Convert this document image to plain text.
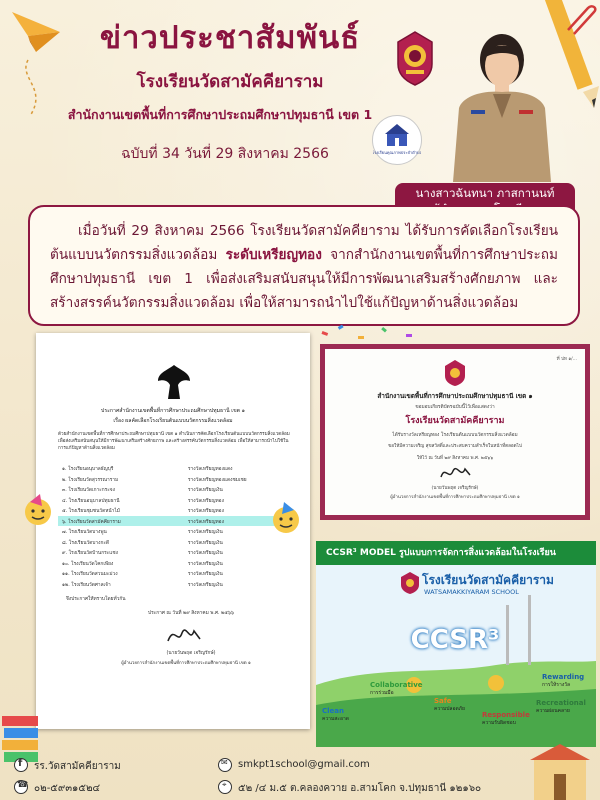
ข่าวประชาสัมพันธ์
โรงเรียนวัดสามัคคียาราม
สำนักงานเขตพื้นที่การศึกษาประถมศึกษาปทุมธานี เขต 1
ฉบับที่ 34 วันที่ 29 สิงหาคม 2566	โรงเรียนคุณภาพประจำตำบล
นางสาวฉันทนา ภาสกานนท์
เมื่อวันที่ 29 สิงหาคม 2566 โรงเรียนวัดสามัคคียาราม ได้รับการคัดเลือกโรงเรียนต้นแบบนวัตกรรมสิ่งแวดล้อม ระดับเหรียญทอง จากสำนักงานเขตพื้นที่การศึกษาประถมศึกษาปทุมธานี เขต 1 เพื่อส่งเสริมสนับสนุนให้มีการพัฒนาเสริมสร้างศักยภาพ และสร้างสรรค์นวัตกรรมสิ่งแวดล้อม เพื่อให้สามารถนำไปใช้แก้ปัญหาด้านสิ่งแวดล้อม
ประกาศสำนักงานเขตพื้นที่การศึกษาประถมศึกษาปทุมธานี เขต ๑
เรื่อง ผลคัดเลือกโรงเรียนต้นแบบนวัตกรรมสิ่งแวดล้อม
ด้วยสำนักงานเขตพื้นที่การศึกษาประถมศึกษาปทุมธานี เขต ๑ ดำเนินการคัดเลือกโรงเรียนต้นแบบนวัตกรรมสิ่งแวดล้อม เพื่อส่งเสริมสนับสนุนให้มีการพัฒนาเสริมสร้างศักยภาพ และสร้างสรรค์นวัตกรรมสิ่งแวดล้อม เพื่อให้สามารถนำไปใช้ในการแก้ปัญหาด้านสิ่งแวดล้อม
๑. โรงเรียนอนุบาลธัญบุรี	รางวัลเหรียญทองแดง
๒. โรงเรียนวัดสุวรรณาราม	รางวัลเหรียญทองแดงชมเชย
๓. โรงเรียนวัดเกาะกระจง	รางวัลเหรียญเงิน
๔. โรงเรียนอนุบาลปทุมธานี	รางวัลเหรียญทอง
๕. โรงเรียนชุมชนวัดหน้าไม้	รางวัลเหรียญทอง
๖. โรงเรียนวัดสามัคคียาราม	รางวัลเหรียญทอง
๗. โรงเรียนวัดบางพูน	รางวัลเหรียญเงิน
๘. โรงเรียนวัดบางกะดี	รางวัลเหรียญเงิน
๙. โรงเรียนวัดบ้านกระแชง	รางวัลเหรียญเงิน
๑๐. โรงเรียนวัดโคกเพียง	รางวัลเหรียญเงิน
๑๑. โรงเรียนวัดสวนมะม่วง	รางวัลเหรียญเงิน
๑๒. โรงเรียนวัดศาลเจ้า	รางวัลเหรียญเงิน
จึงประกาศให้ทราบโดยทั่วกัน
ประกาศ ณ วันที่ ๒๙ สิงหาคม พ.ศ. ๒๕๖๖
(นายวันพฤด เจริญรักษ์)
ผู้อำนวยการสำนักงานเขตพื้นที่การศึกษาประถมศึกษาปทุมธานี เขต ๑
ที่ ปท ๑/...
สำนักงานเขตพื้นที่การศึกษาประถมศึกษาปทุมธานี เขต ๑
ขอมอบเกียรติบัตรฉบับนี้ไว้เพื่อแสดงว่า
โรงเรียนวัดสามัคคียาราม
ได้รับรางวัลเหรียญทอง โรงเรียนต้นแบบนวัตกรรมสิ่งแวดล้อม
ขอให้มีความเจริญ สุขสวัสดิ์และประสบความสำเร็จในหน้าที่ตลอดไป
ให้ไว้ ณ วันที่ ๒๙ สิงหาคม พ.ศ. ๒๕๖๖
(นายวันพฤด เจริญรักษ์)
ผู้อำนวยการสำนักงานเขตพื้นที่การศึกษาประถมศึกษาปทุมธานี เขต ๑
CCSR³ MODEL รูปแบบการจัดการสิ่งแวดล้อมในโรงเรียน
โรงเรียนวัดสามัคคียาราม
WATSAMAKKIYARAM SCHOOL
CCSR³
Clean
ความสะอาด
Collaborative
การร่วมมือ
Safe
ความปลอดภัย
Responsible
ความรับผิดชอบ
Recreational
ความผ่อนคลาย
Rewarding
การให้รางวัล
f รร.วัดสามัคคียาราม
☎ ๐๒-๕๙๓๑๕๒๔
✉ smkpt1school@gmail.com
⌖ ๕๒ /๔ ม.๕ ต.คลองควาย อ.สามโคก จ.ปทุมธานี ๑๒๑๖๐
